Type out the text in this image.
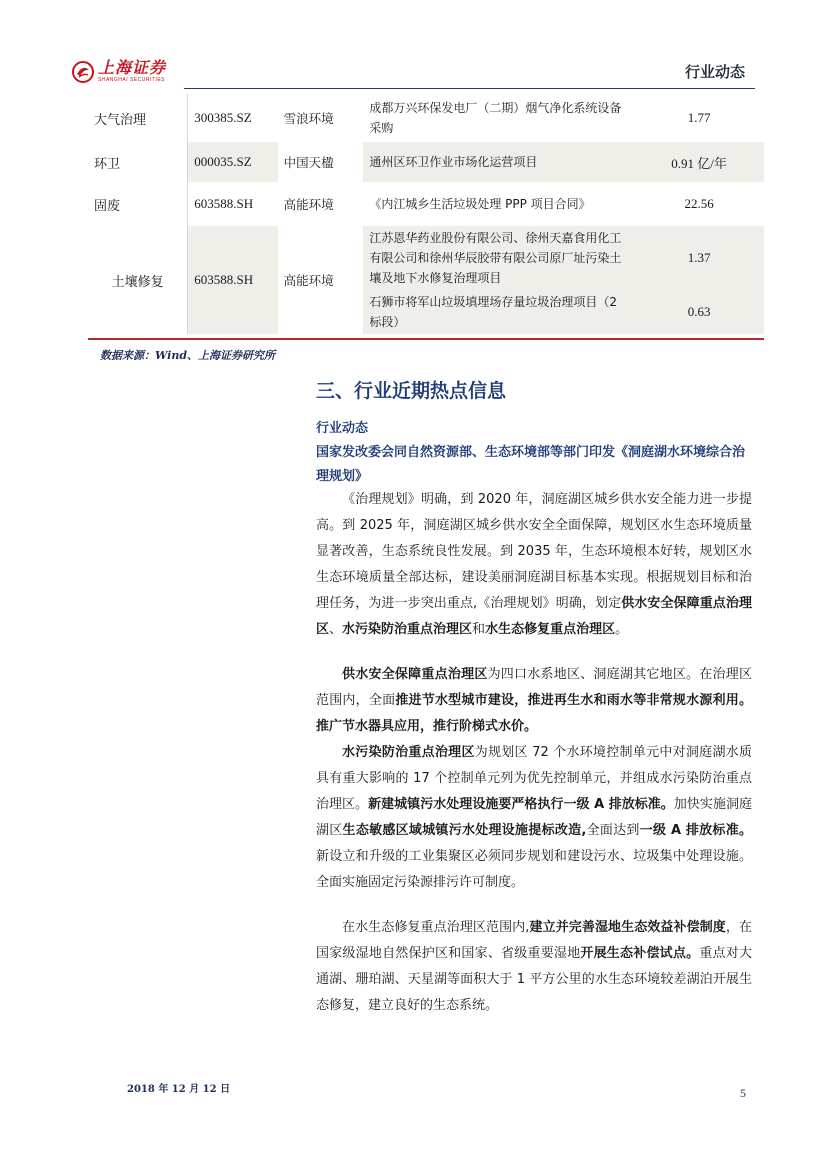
上海证券
SHANGHAI SECURITIES	行业动态
大气治理	300385.SZ	雪浪环境	成都万兴环保发电厂（二期）烟气净化系统设备采购	1.77
环卫	000035.SZ	中国天楹	通州区环卫作业市场化运营项目	0.91 亿/年
固废	603588.SH	高能环境	《内江城乡生活垃圾处理 PPP 项目合同》	22.56
土壤修复	603588.SH	高能环境	江苏恩华药业股份有限公司、徐州天嘉食用化工有限公司和徐州华辰胶带有限公司原厂址污染土壤及地下水修复治理项目	1.37
			石狮市将军山垃圾填埋场存量垃圾治理项目（2 标段）	0.63
数据来源：Wind、上海证券研究所
三、行业近期热点信息
行业动态
国家发改委会同自然资源部、生态环境部等部门印发《洞庭湖水环境综合治理规划》

《治理规划》明确，到 2020 年，洞庭湖区城乡供水安全能力进一步提高。到 2025 年，洞庭湖区城乡供水安全全面保障，规划区水生态环境质量显著改善，生态系统良性发展。到 2035 年，生态环境根本好转，规划区水生态环境质量全部达标，建设美丽洞庭湖目标基本实现。根据规划目标和治理任务，为进一步突出重点,《治理规划》明确，划定供水安全保障重点治理区、水污染防治重点治理区和水生态修复重点治理区。

供水安全保障重点治理区为四口水系地区、洞庭湖其它地区。在治理区范围内，全面推进节水型城市建设，推进再生水和雨水等非常规水源利用。推广节水器具应用，推行阶梯式水价。

水污染防治重点治理区为规划区 72 个水环境控制单元中对洞庭湖水质具有重大影响的 17 个控制单元列为优先控制单元，并组成水污染防治重点治理区。新建城镇污水处理设施要严格执行一级 A 排放标准。加快实施洞庭湖区生态敏感区域城镇污水处理设施提标改造,全面达到一级 A 排放标准。新设立和升级的工业集聚区必须同步规划和建设污水、垃圾集中处理设施。全面实施固定污染源排污许可制度。

在水生态修复重点治理区范围内,建立并完善湿地生态效益补偿制度，在国家级湿地自然保护区和国家、省级重要湿地开展生态补偿试点。重点对大通湖、珊珀湖、天星湖等面积大于 1 平方公里的水生态环境较差湖泊开展生态修复，建立良好的生态系统。

2018 年 12 月 12 日	5
